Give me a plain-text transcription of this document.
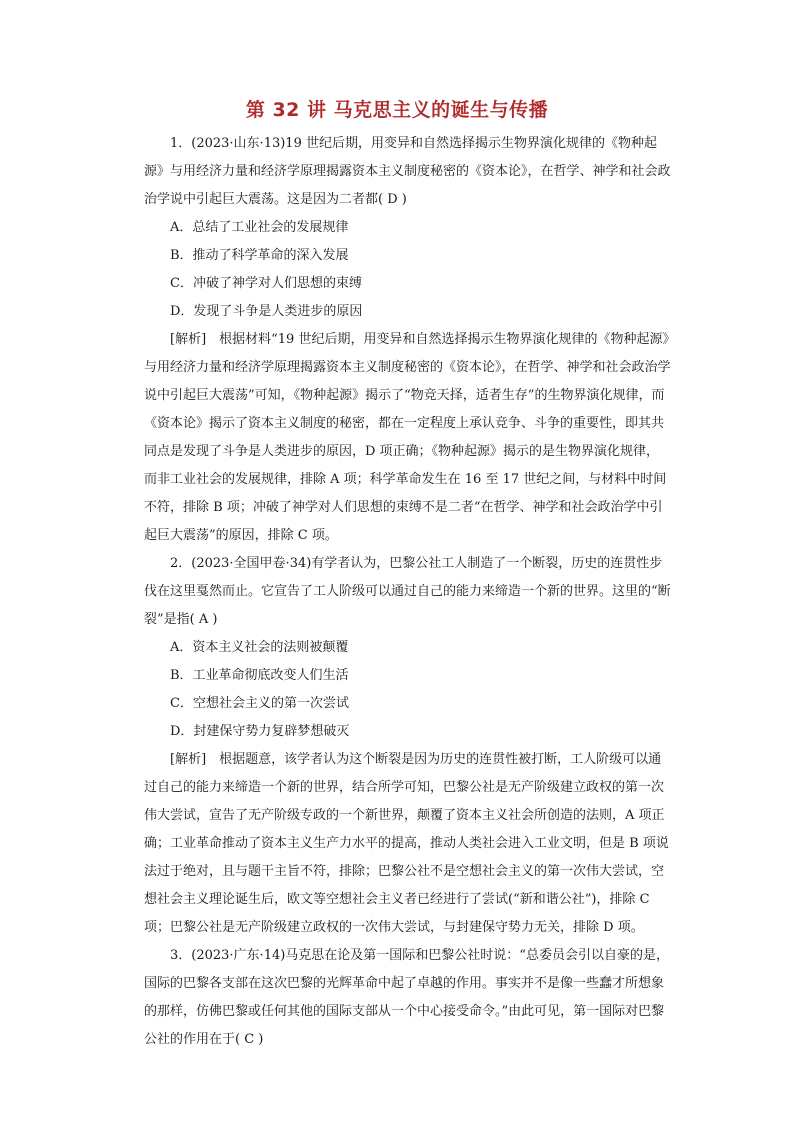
第 32 讲 马克思主义的诞生与传播

1．(2023·山东·13)19 世纪后期，用变异和自然选择揭示生物界演化规律的《物种起源》与用经济力量和经济学原理揭露资本主义制度秘密的《资本论》，在哲学、神学和社会政治学说中引起巨大震荡。这是因为二者都( D )

A．总结了工业社会的发展规律

B．推动了科学革命的深入发展

C．冲破了神学对人们思想的束缚

D．发现了斗争是人类进步的原因

[解析]　根据材料“19 世纪后期，用变异和自然选择揭示生物界演化规律的《物种起源》与用经济力量和经济学原理揭露资本主义制度秘密的《资本论》，在哲学、神学和社会政治学说中引起巨大震荡”可知，《物种起源》揭示了“物竞天择，适者生存”的生物界演化规律，而《资本论》揭示了资本主义制度的秘密，都在一定程度上承认竞争、斗争的重要性，即其共同点是发现了斗争是人类进步的原因，D 项正确；《物种起源》揭示的是生物界演化规律，而非工业社会的发展规律，排除 A 项；科学革命发生在 16 至 17 世纪之间，与材料中时间不符，排除 B 项；冲破了神学对人们思想的束缚不是二者“在哲学、神学和社会政治学中引起巨大震荡”的原因，排除 C 项。

2．(2023·全国甲卷·34)有学者认为，巴黎公社工人制造了一个断裂，历史的连贯性步伐在这里戛然而止。它宣告了工人阶级可以通过自己的能力来缔造一个新的世界。这里的“断裂”是指( A )

A．资本主义社会的法则被颠覆

B．工业革命彻底改变人们生活

C．空想社会主义的第一次尝试

D．封建保守势力复辟梦想破灭

[解析]　根据题意，该学者认为这个断裂是因为历史的连贯性被打断，工人阶级可以通过自己的能力来缔造一个新的世界，结合所学可知，巴黎公社是无产阶级建立政权的第一次伟大尝试，宣告了无产阶级专政的一个新世界，颠覆了资本主义社会所创造的法则，A 项正确；工业革命推动了资本主义生产力水平的提高，推动人类社会进入工业文明，但是 B 项说法过于绝对，且与题干主旨不符，排除；巴黎公社不是空想社会主义的第一次伟大尝试，空想社会主义理论诞生后，欧文等空想社会主义者已经进行了尝试(“新和谐公社”)，排除 C 项；巴黎公社是无产阶级建立政权的一次伟大尝试，与封建保守势力无关，排除 D 项。

3．(2023·广东·14)马克思在论及第一国际和巴黎公社时说：“总委员会引以自豪的是，国际的巴黎各支部在这次巴黎的光辉革命中起了卓越的作用。事实并不是像一些蠢才所想象的那样，仿佛巴黎或任何其他的国际支部从一个中心接受命令。”由此可见，第一国际对巴黎公社的作用在于( C )
